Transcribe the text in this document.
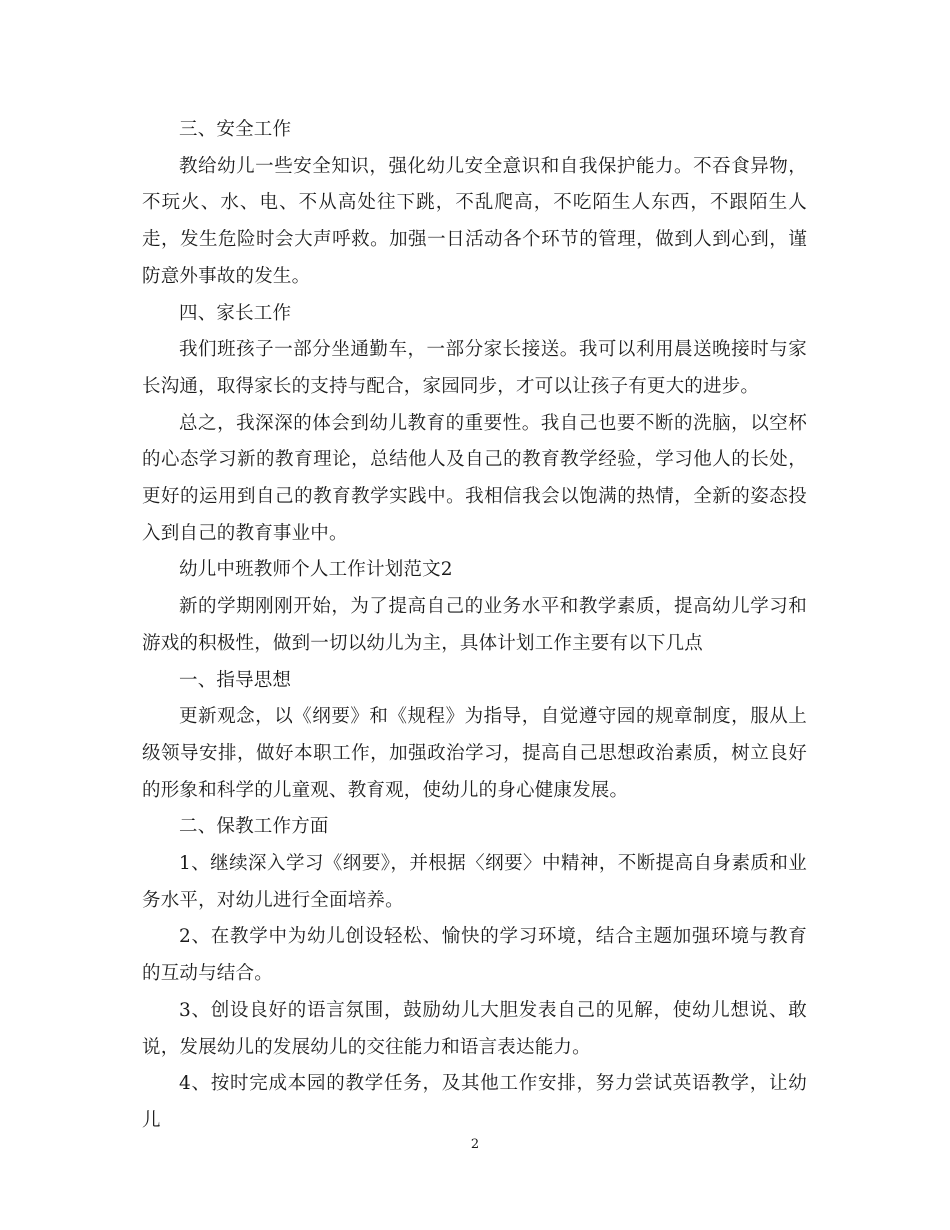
三、安全工作

教给幼儿一些安全知识，强化幼儿安全意识和自我保护能力。不吞食异物，不玩火、水、电、不从高处往下跳，不乱爬高，不吃陌生人东西，不跟陌生人走，发生危险时会大声呼救。加强一日活动各个环节的管理，做到人到心到，谨防意外事故的发生。

四、家长工作

我们班孩子一部分坐通勤车，一部分家长接送。我可以利用晨送晚接时与家长沟通，取得家长的支持与配合，家园同步，才可以让孩子有更大的进步。

总之，我深深的体会到幼儿教育的重要性。我自己也要不断的洗脑，以空杯的心态学习新的教育理论，总结他人及自己的教育教学经验，学习他人的长处，更好的运用到自己的教育教学实践中。我相信我会以饱满的热情，全新的姿态投入到自己的教育事业中。

幼儿中班教师个人工作计划范文2

新的学期刚刚开始，为了提高自己的业务水平和教学素质，提高幼儿学习和游戏的积极性，做到一切以幼儿为主，具体计划工作主要有以下几点

一、指导思想

更新观念，以《纲要》和《规程》为指导，自觉遵守园的规章制度，服从上级领导安排，做好本职工作，加强政治学习，提高自己思想政治素质，树立良好的形象和科学的儿童观、教育观，使幼儿的身心健康发展。

二、保教工作方面

1、继续深入学习《纲要》，并根据〈纲要〉中精神，不断提高自身素质和业务水平，对幼儿进行全面培养。

2、在教学中为幼儿创设轻松、愉快的学习环境，结合主题加强环境与教育的互动与结合。

3、创设良好的语言氛围，鼓励幼儿大胆发表自己的见解，使幼儿想说、敢说，发展幼儿的发展幼儿的交往能力和语言表达能力。

4、按时完成本园的教学任务，及其他工作安排，努力尝试英语教学，让幼儿

2
